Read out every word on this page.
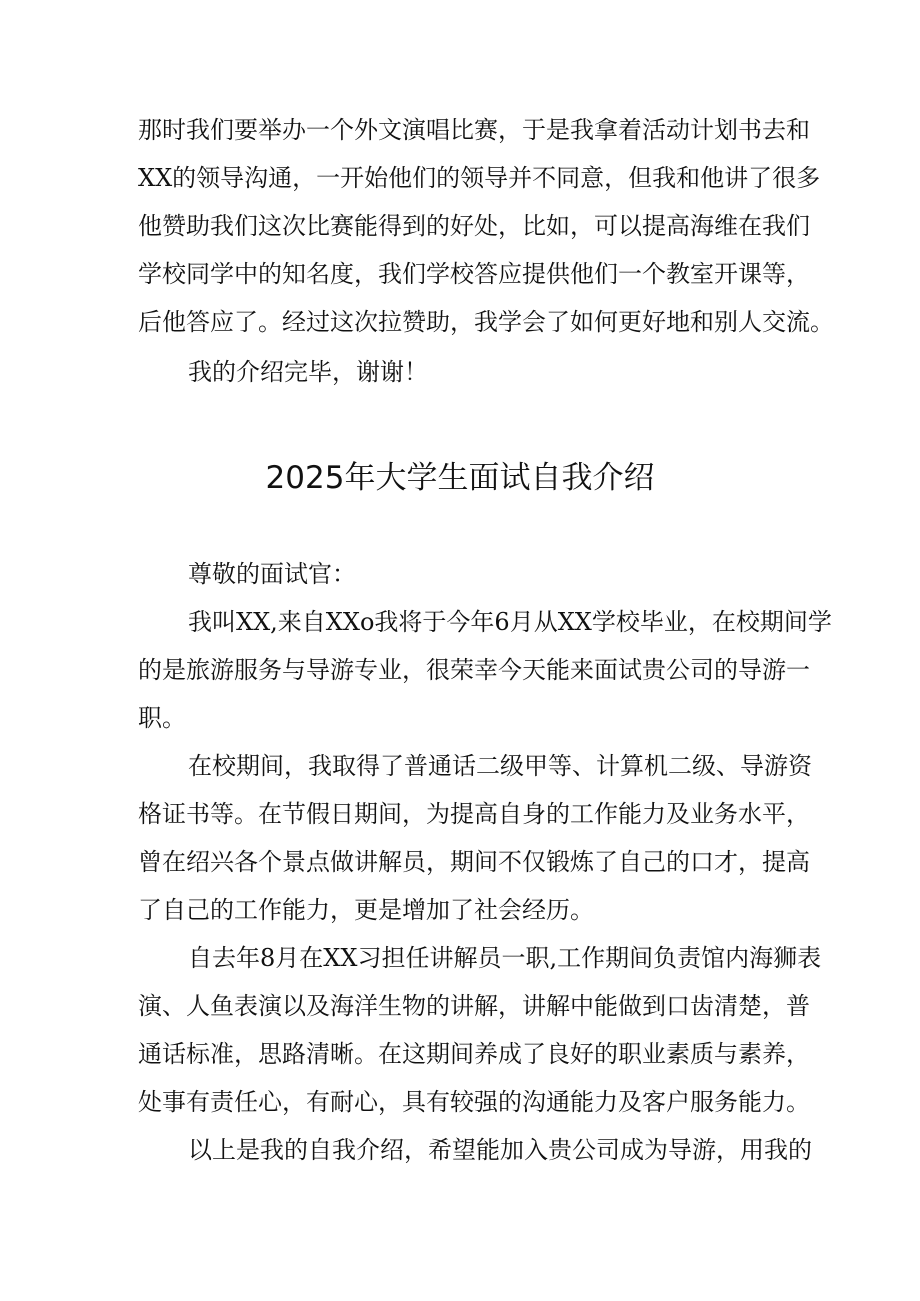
那时我们要举办一个外文演唱比赛，于是我拿着活动计划书去和
XX的领导沟通，一开始他们的领导并不同意，但我和他讲了很多
他赞助我们这次比赛能得到的好处，比如，可以提高海维在我们
学校同学中的知名度，我们学校答应提供他们一个教室开课等，
后他答应了。经过这次拉赞助，我学会了如何更好地和别人交流。
我的介绍完毕，谢谢！
2025年大学生面试自我介绍
尊敬的面试官：
我叫XX,来自XXo我将于今年6月从XX学校毕业，在校期间学
的是旅游服务与导游专业，很荣幸今天能来面试贵公司的导游一
职。
在校期间，我取得了普通话二级甲等、计算机二级、导游资
格证书等。在节假日期间，为提高自身的工作能力及业务水平，
曾在绍兴各个景点做讲解员，期间不仅锻炼了自己的口才，提高
了自己的工作能力，更是增加了社会经历。
自去年8月在XX习担任讲解员一职,工作期间负责馆内海狮表
演、人鱼表演以及海洋生物的讲解，讲解中能做到口齿清楚，普
通话标准，思路清晰。在这期间养成了良好的职业素质与素养，
处事有责任心，有耐心，具有较强的沟通能力及客户服务能力。
以上是我的自我介绍，希望能加入贵公司成为导游，用我的
